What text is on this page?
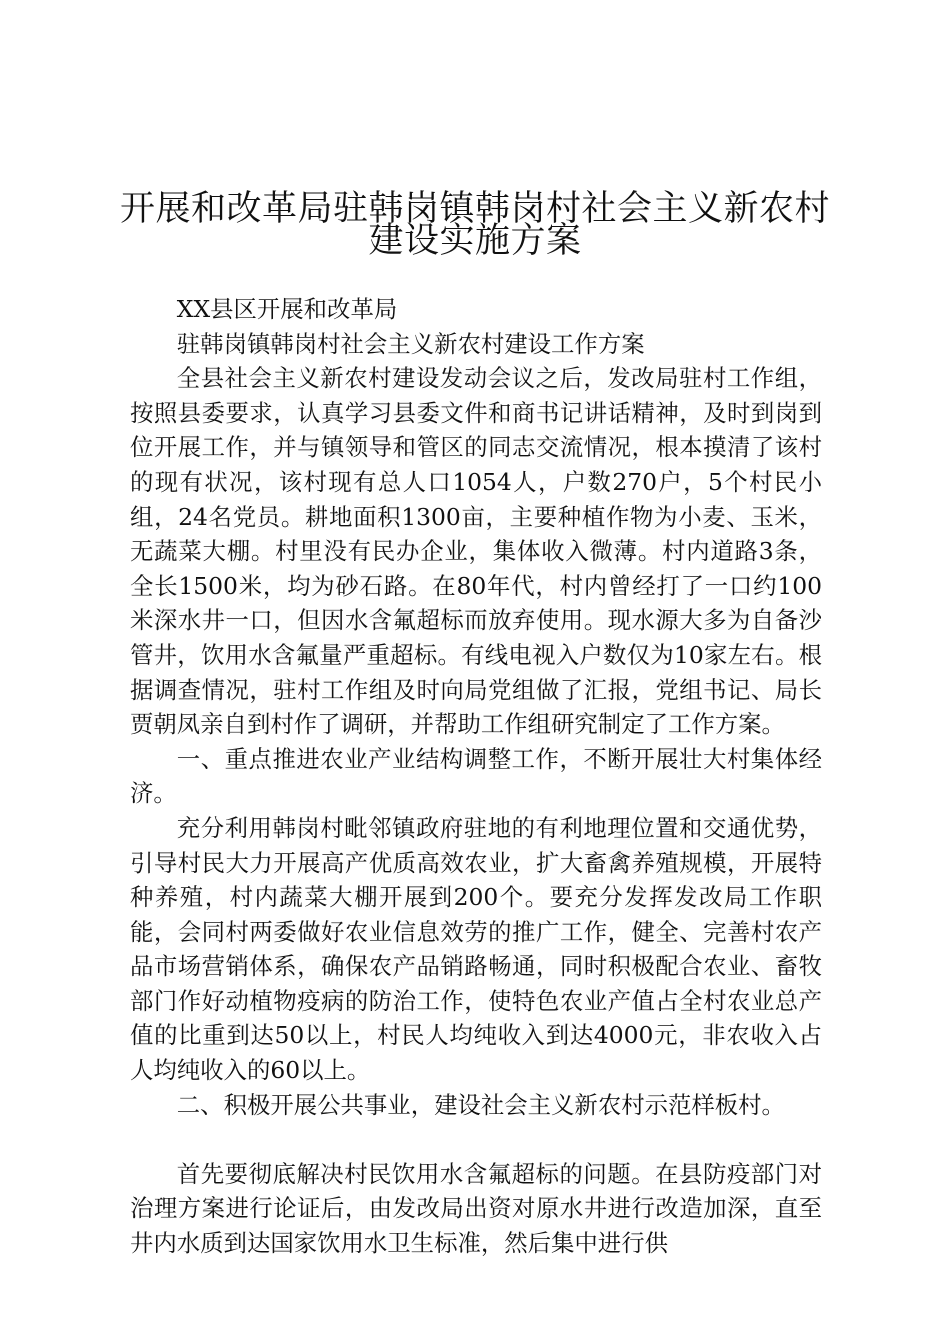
开展和改革局驻韩岗镇韩岗村社会主义新农村
建设实施方案

XX县区开展和改革局

驻韩岗镇韩岗村社会主义新农村建设工作方案

全县社会主义新农村建设发动会议之后，发改局驻村工作组，按照县委要求，认真学习县委文件和商书记讲话精神，及时到岗到位开展工作，并与镇领导和管区的同志交流情况，根本摸清了该村的现有状况，该村现有总人口1054人，户数270户，5个村民小组，24名党员。耕地面积1300亩，主要种植作物为小麦、玉米，无蔬菜大棚。村里没有民办企业，集体收入微薄。村内道路3条，全长1500米，均为砂石路。在80年代，村内曾经打了一口约100米深水井一口，但因水含氟超标而放弃使用。现水源大多为自备沙管井，饮用水含氟量严重超标。有线电视入户数仅为10家左右。根据调查情况，驻村工作组及时向局党组做了汇报，党组书记、局长贾朝凤亲自到村作了调研，并帮助工作组研究制定了工作方案。

一、重点推进农业产业结构调整工作，不断开展壮大村集体经济。

充分利用韩岗村毗邻镇政府驻地的有利地理位置和交通优势，引导村民大力开展高产优质高效农业，扩大畜禽养殖规模，开展特种养殖，村内蔬菜大棚开展到200个。要充分发挥发改局工作职能，会同村两委做好农业信息效劳的推广工作，健全、完善村农产品市场营销体系，确保农产品销路畅通，同时积极配合农业、畜牧部门作好动植物疫病的防治工作，使特色农业产值占全村农业总产值的比重到达50以上，村民人均纯收入到达4000元，非农收入占人均纯收入的60以上。

二、积极开展公共事业，建设社会主义新农村示范样板村。

首先要彻底解决村民饮用水含氟超标的问题。在县防疫部门对治理方案进行论证后，由发改局出资对原水井进行改造加深，直至井内水质到达国家饮用水卫生标准，然后集中进行供
